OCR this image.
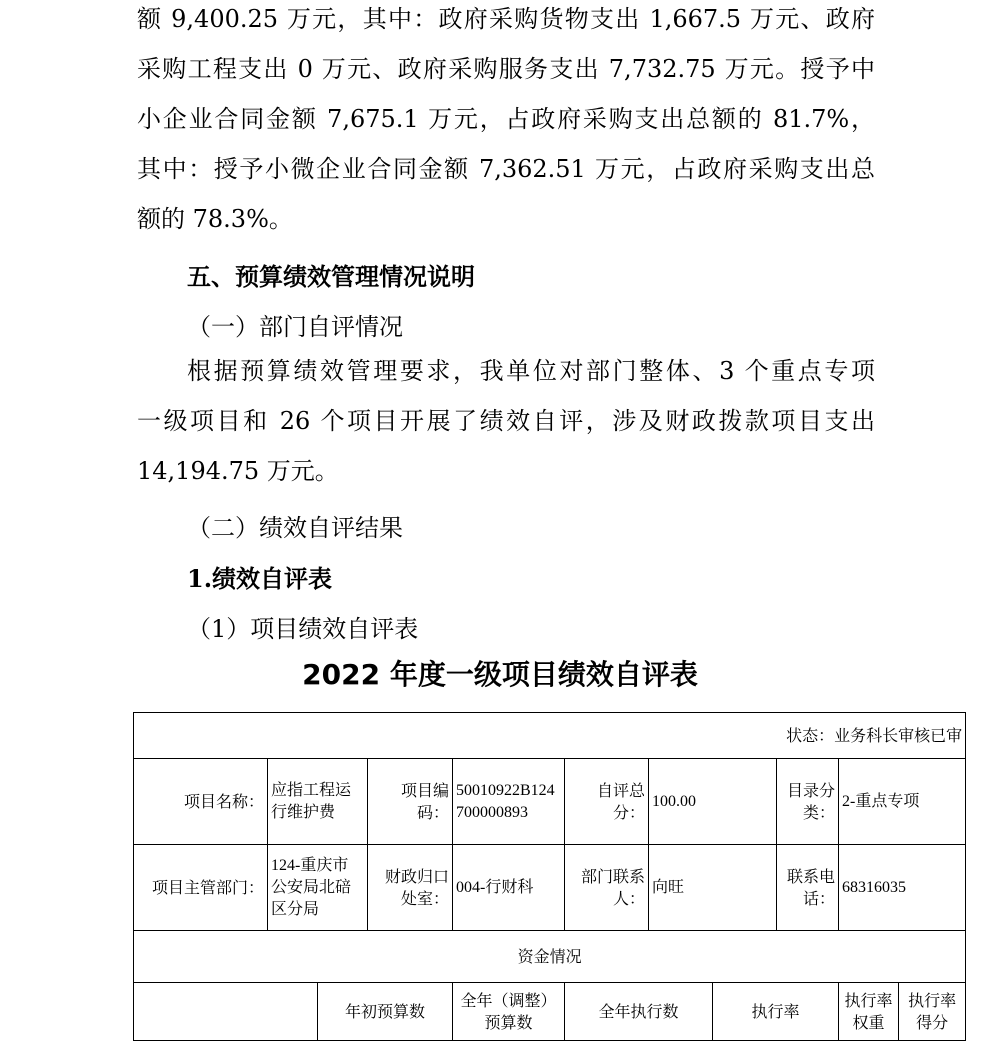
额 9,400.25 万元，其中：政府采购货物支出 1,667.5 万元、政府
采购工程支出 0 万元、政府采购服务支出 7,732.75 万元。授予中
小企业合同金额 7,675.1 万元，占政府采购支出总额的 81.7%，
其中：授予小微企业合同金额 7,362.51 万元，占政府采购支出总
额的 78.3%。
五、预算绩效管理情况说明
（一）部门自评情况
根据预算绩效管理要求，我单位对部门整体、3 个重点专项
一级项目和 26 个项目开展了绩效自评，涉及财政拨款项目支出
14,194.75 万元。
（二）绩效自评结果
1.绩效自评表
（1）项目绩效自评表
2022 年度一级项目绩效自评表
状态：业务科长审核已审										
项目名称：	应指工程运行维护费		项目编码：	50010922B124700000893	自评总分：	100.00		目录分类：	2-重点专项	
项目主管部门：	124-重庆市公安局北碚区分局		财政归口处室：	004-行财科	部门联系人：	向旺		联系电话：	68316035	
资金情况										
		年初预算数		全年（调整）预算数	全年执行数		执行率		执行率权重	执行率得分
